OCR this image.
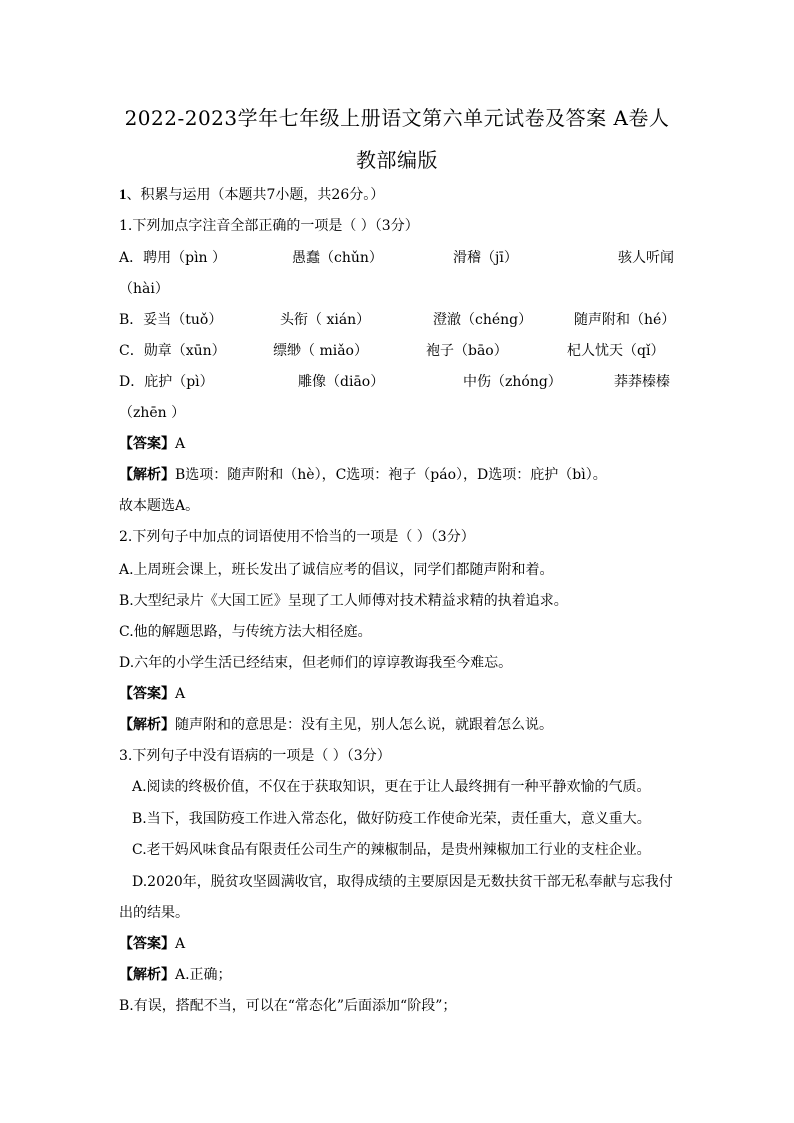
2022-2023学年七年级上册语文第六单元试卷及答案 A卷人
教部编版
1、积累与运用（本题共7小题，共26分。）
1.下列加点字注音全部正确的一项是（ ）（3分）
A．聘用（pìn ）	愚蠢（chǔn）	滑稽（jī）	骇人听闻
（hài）
B．妥当（tuǒ）	头衔（ xián）	澄澈（chéng）	随声附和（hé）
C．勋章（xūn）	缥缈（ miǎo）	袍子（bāo）	杞人忧天（qǐ）
D．庇护（pì）	雕像（diāo）	中伤（zhóng）	莽莽榛榛
（zhēn ）
【答案】A
【解析】B选项：随声附和（hè），C选项：袍子（páo），D选项：庇护（bì）。
故本题选A。
2.下列句子中加点的词语使用不恰当的一项是（ ）（3分）
A.上周班会课上，班长发出了诚信应考的倡议，同学们都随声附和着。
B.大型纪录片《大国工匠》呈现了工人师傅对技术精益求精的执着追求。
C.他的解题思路，与传统方法大相径庭。
D.六年的小学生活已经结束，但老师们的谆谆教诲我至今难忘。
【答案】A
【解析】随声附和的意思是：没有主见，别人怎么说，就跟着怎么说。
3.下列句子中没有语病的一项是（ ）（3分）
A.阅读的终极价值，不仅在于获取知识，更在于让人最终拥有一种平静欢愉的气质。
B.当下，我国防疫工作进入常态化，做好防疫工作使命光荣，责任重大，意义重大。
C.老干妈风味食品有限责任公司生产的辣椒制品，是贵州辣椒加工行业的支柱企业。
D.2020年，脱贫攻坚圆满收官，取得成绩的主要原因是无数扶贫干部无私奉献与忘我付
出的结果。
【答案】A
【解析】A.正确；
B.有误，搭配不当，可以在“常态化”后面添加“阶段”；
